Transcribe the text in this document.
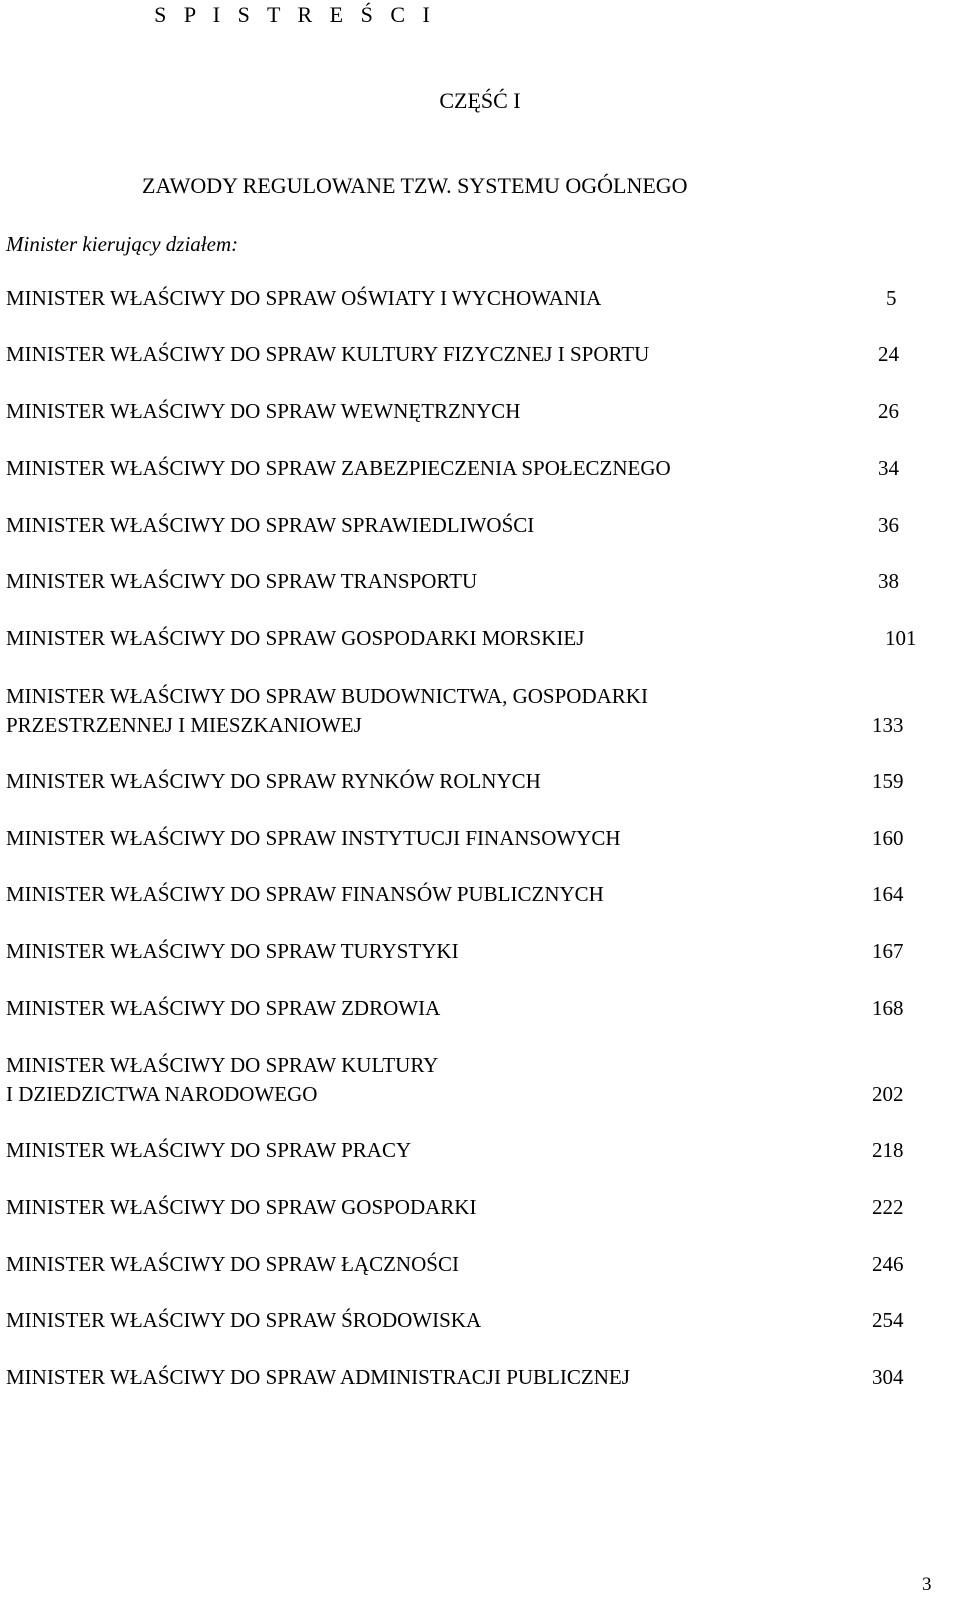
S P I S T R E Ś C I
CZĘŚĆ I
ZAWODY REGULOWANE TZW. SYSTEMU OGÓLNEGO
Minister kierujący działem:
MINISTER WŁAŚCIWY DO SPRAW OŚWIATY I WYCHOWANIA	5
MINISTER WŁAŚCIWY DO SPRAW KULTURY FIZYCZNEJ I SPORTU	24
MINISTER WŁAŚCIWY DO SPRAW WEWNĘTRZNYCH	26
MINISTER WŁAŚCIWY DO SPRAW ZABEZPIECZENIA SPOŁECZNEGO	34
MINISTER WŁAŚCIWY DO SPRAW SPRAWIEDLIWOŚCI	36
MINISTER WŁAŚCIWY DO SPRAW TRANSPORTU	38
MINISTER WŁAŚCIWY DO SPRAW GOSPODARKI MORSKIEJ	101
MINISTER WŁAŚCIWY DO SPRAW BUDOWNICTWA, GOSPODARKI
PRZESTRZENNEJ I MIESZKANIOWEJ	133
MINISTER WŁAŚCIWY DO SPRAW RYNKÓW ROLNYCH	159
MINISTER WŁAŚCIWY DO SPRAW INSTYTUCJI FINANSOWYCH	160
MINISTER WŁAŚCIWY DO SPRAW FINANSÓW PUBLICZNYCH	164
MINISTER WŁAŚCIWY DO SPRAW TURYSTYKI	167
MINISTER WŁAŚCIWY DO SPRAW ZDROWIA	168
MINISTER WŁAŚCIWY DO SPRAW KULTURY
I DZIEDZICTWA NARODOWEGO	202
MINISTER WŁAŚCIWY DO SPRAW PRACY	218
MINISTER WŁAŚCIWY DO SPRAW GOSPODARKI	222
MINISTER WŁAŚCIWY DO SPRAW ŁĄCZNOŚCI	246
MINISTER WŁAŚCIWY DO SPRAW ŚRODOWISKA	254
MINISTER WŁAŚCIWY DO SPRAW ADMINISTRACJI PUBLICZNEJ	304
3
